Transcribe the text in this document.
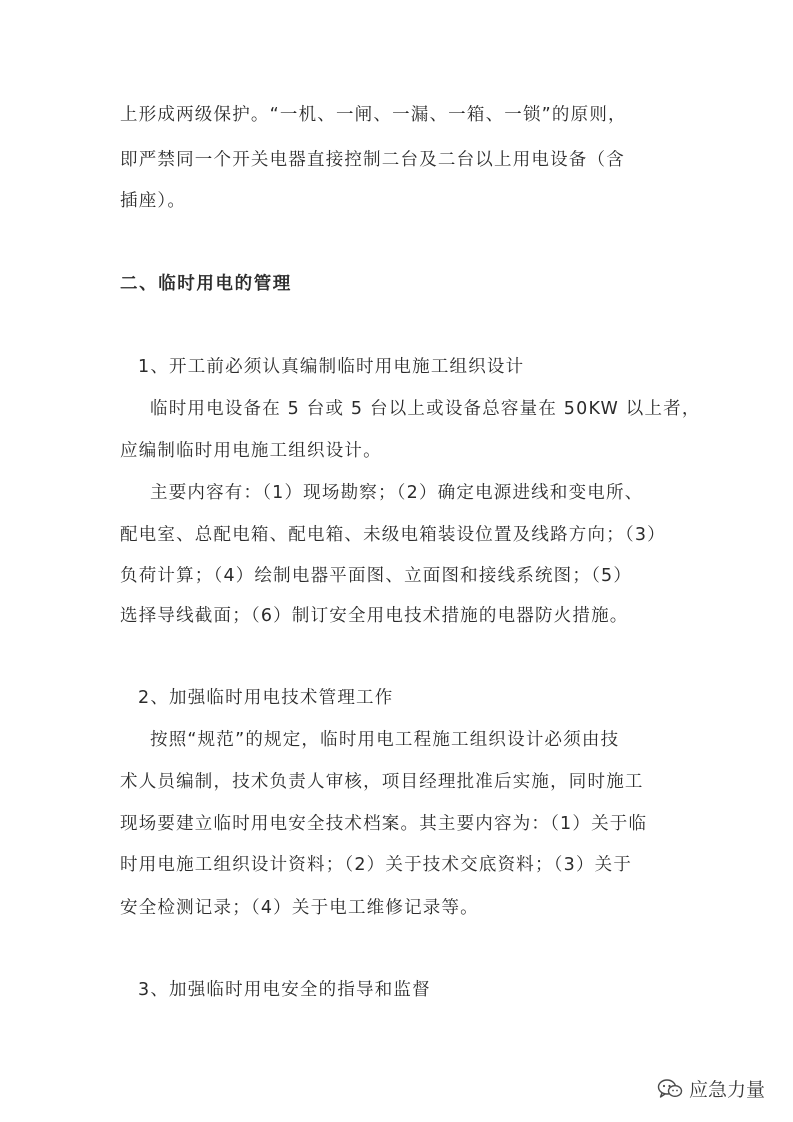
上形成两级保护。“一机、一闸、一漏、一箱、一锁”的原则，
即严禁同一个开关电器直接控制二台及二台以上用电设备（含
插座）。
二、临时用电的管理
1、开工前必须认真编制临时用电施工组织设计
临时用电设备在 5 台或 5 台以上或设备总容量在 50KW 以上者，
应编制临时用电施工组织设计。
主要内容有：（1）现场勘察；（2）确定电源进线和变电所、
配电室、总配电箱、配电箱、未级电箱装设位置及线路方向；（3）
负荷计算；（4）绘制电器平面图、立面图和接线系统图；（5）
选择导线截面；（6）制订安全用电技术措施的电器防火措施。
2、加强临时用电技术管理工作
按照“规范”的规定，临时用电工程施工组织设计必须由技
术人员编制，技术负责人审核，项目经理批准后实施，同时施工
现场要建立临时用电安全技术档案。其主要内容为：（1）关于临
时用电施工组织设计资料；（2）关于技术交底资料；（3）关于
安全检测记录；（4）关于电工维修记录等。
3、加强临时用电安全的指导和监督
应急力量
